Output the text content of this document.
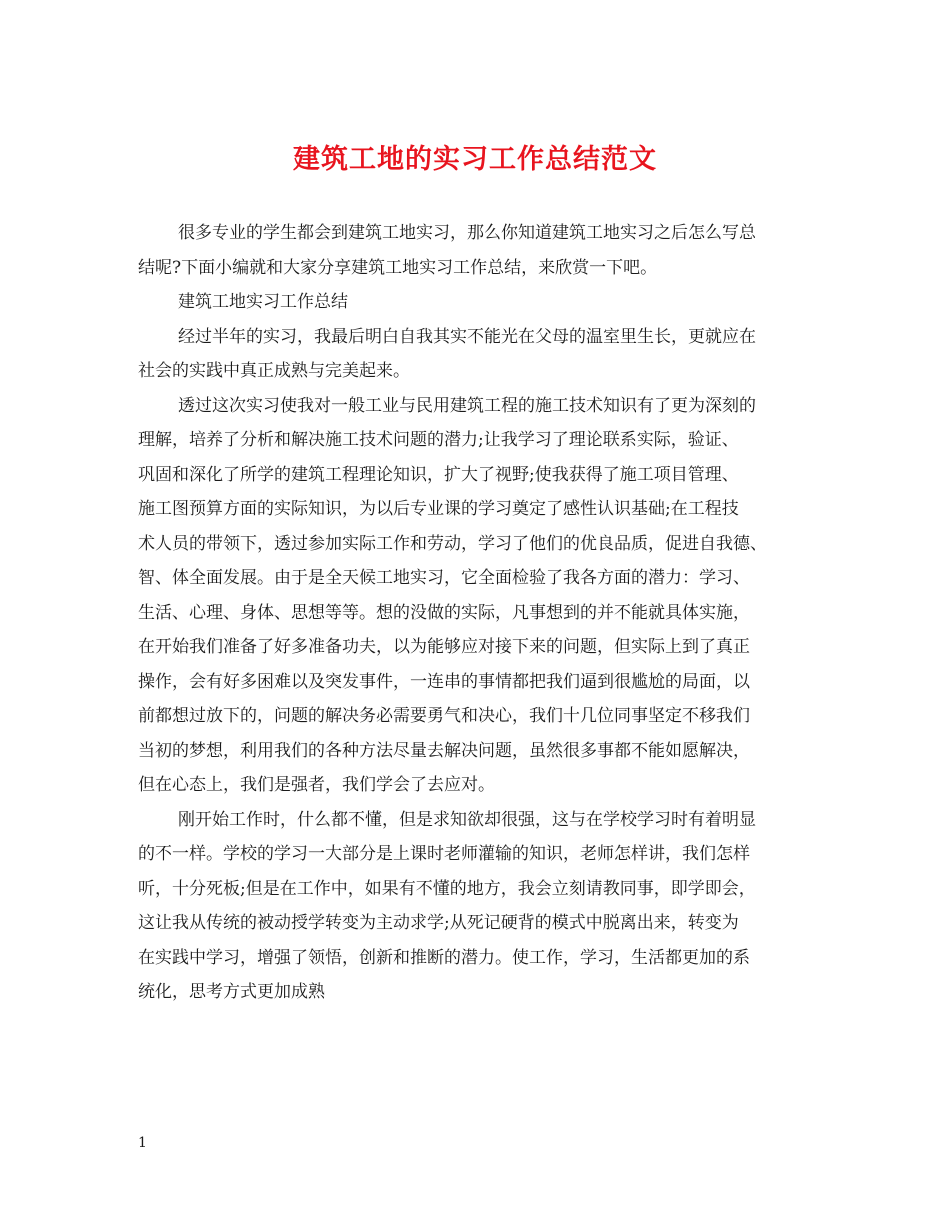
建筑工地的实习工作总结范文
很多专业的学生都会到建筑工地实习，那么你知道建筑工地实习之后怎么写总
结呢?下面小编就和大家分享建筑工地实习工作总结，来欣赏一下吧。
建筑工地实习工作总结
经过半年的实习，我最后明白自我其实不能光在父母的温室里生长，更就应在
社会的实践中真正成熟与完美起来。
透过这次实习使我对一般工业与民用建筑工程的施工技术知识有了更为深刻的
理解，培养了分析和解决施工技术问题的潜力;让我学习了理论联系实际，验证、
巩固和深化了所学的建筑工程理论知识，扩大了视野;使我获得了施工项目管理、
施工图预算方面的实际知识，为以后专业课的学习奠定了感性认识基础;在工程技
术人员的带领下，透过参加实际工作和劳动，学习了他们的优良品质，促进自我德、
智、体全面发展。由于是全天候工地实习，它全面检验了我各方面的潜力：学习、
生活、心理、身体、思想等等。想的没做的实际，凡事想到的并不能就具体实施，
在开始我们准备了好多准备功夫，以为能够应对接下来的问题，但实际上到了真正
操作，会有好多困难以及突发事件，一连串的事情都把我们逼到很尴尬的局面，以
前都想过放下的，问题的解决务必需要勇气和决心，我们十几位同事坚定不移我们
当初的梦想，利用我们的各种方法尽量去解决问题，虽然很多事都不能如愿解决，
但在心态上，我们是强者，我们学会了去应对。
刚开始工作时，什么都不懂，但是求知欲却很强，这与在学校学习时有着明显
的不一样。学校的学习一大部分是上课时老师灌输的知识，老师怎样讲，我们怎样
听，十分死板;但是在工作中，如果有不懂的地方，我会立刻请教同事，即学即会，
这让我从传统的被动授学转变为主动求学;从死记硬背的模式中脱离出来，转变为
在实践中学习，增强了领悟，创新和推断的潜力。使工作，学习，生活都更加的系
统化，思考方式更加成熟
1
